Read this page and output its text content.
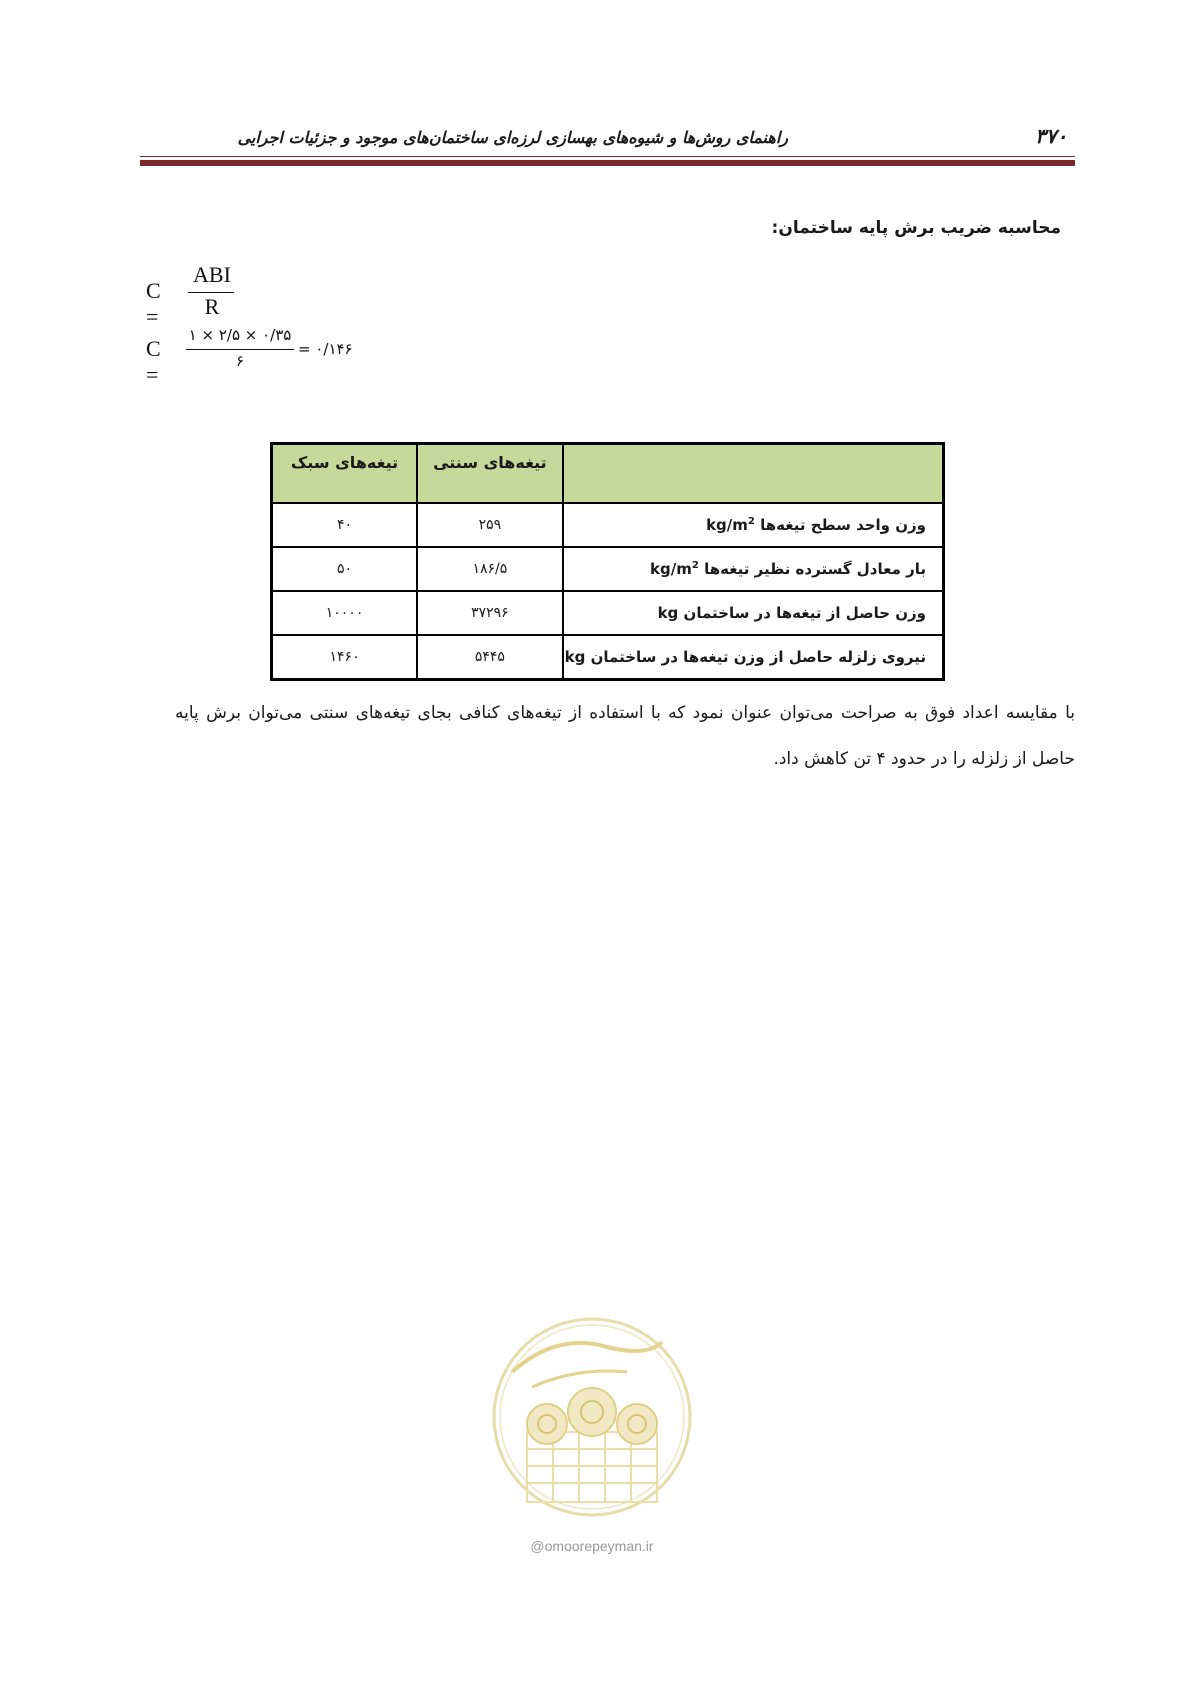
راهنمای روش‌ها و شیوه‌های بهسازی لرزه‌ای ساختمان‌های موجود و جزئیات اجرایی	۳۷۰
محاسبه ضریب برش پایه ساختمان:
C =
ABI
R
C =
۰/۳۵ × ۲/۵ × ۱
۶
= ۰/۱۴۶
	تیغه‌های سنتی	تیغه‌های سبک
وزن واحد سطح تیغه‌ها $kg/m^2$	۲۵۹	۴۰
بار معادل گسترده نظیر تیغه‌ها $kg/m^2$	۱۸۶/۵	۵۰
وزن حاصل از تیغه‌ها در ساختمان kg	۳۷۲۹۶	۱۰۰۰۰
نیروی زلزله حاصل از وزن تیغه‌ها در ساختمان kg	۵۴۴۵	۱۴۶۰
با مقایسه اعداد فوق به صراحت می‌توان عنوان نمود که با استفاده از تیغه‌های کنافی بجای تیغه‌های سنتی می‌توان برش پایه حاصل از زلزله را در حدود ۴ تن کاهش داد.
@omoorepeyman.ir
